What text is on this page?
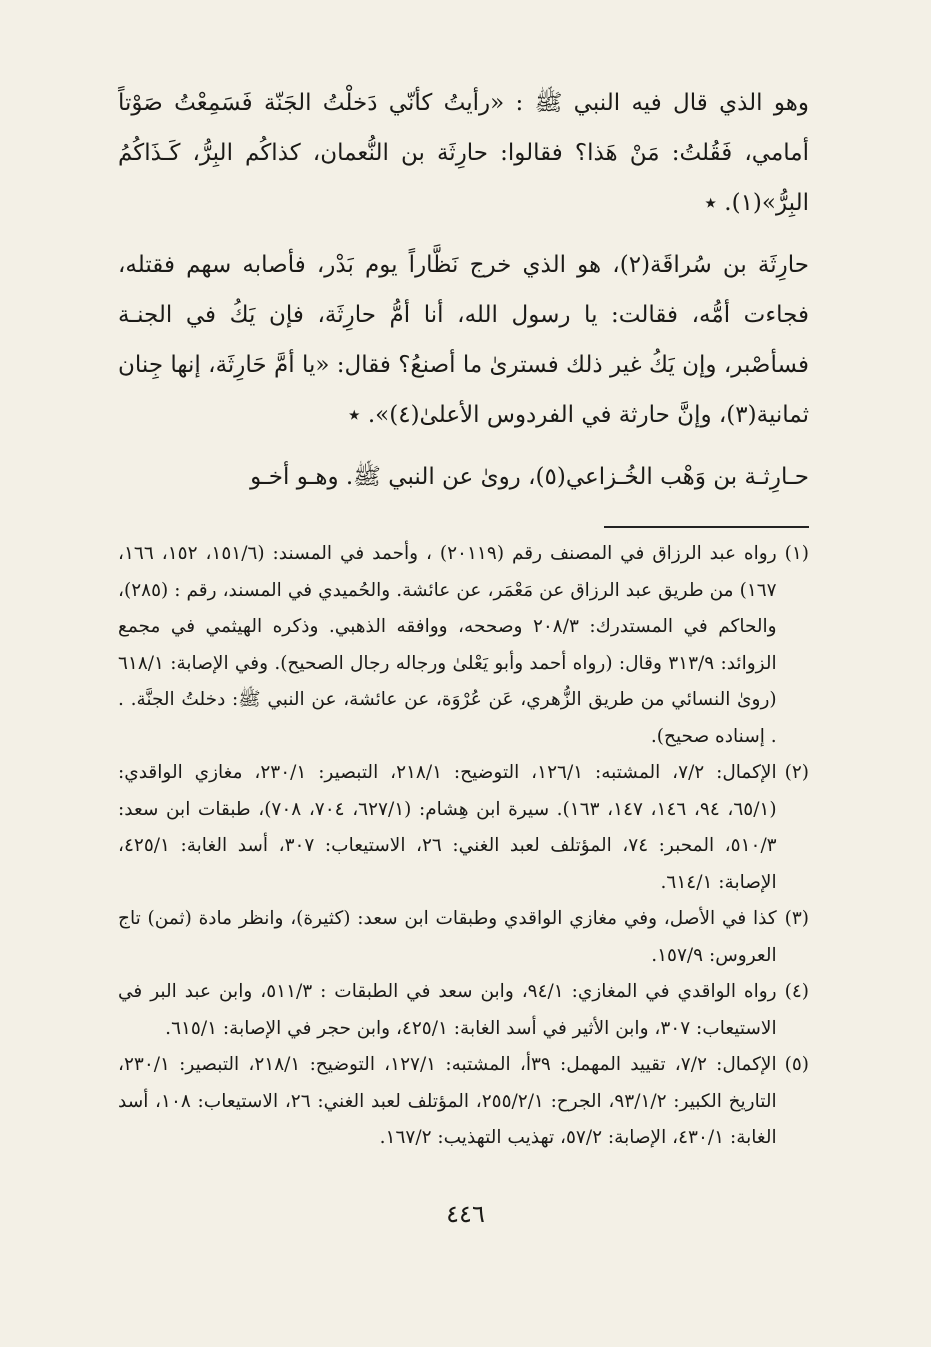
وهو الذي قال فيه النبي ﷺ : «رأيتُ كأنّي دَخلْتُ الجَنّة فَسَمِعْتُ صَوْتاً أمامي، فَقُلتُ: مَنْ هَذا؟ فقالوا: حارِثَة بن النُّعمان، كذاكُم البِرُّ، كَـذَاكُمُ البِرُّ»(١). ٭

حارِثَة بن سُراقَة(٢)، هو الذي خرج نَظَّاراً يوم بَدْر، فأصابه سهم فقتله، فجاءت أمُّه، فقالت: يا رسول الله، أنا أمُّ حارِثَة، فإن يَكُ في الجنـة فسأصْبر، وإن يَكُ غير ذلك فسترىٰ ما أصنعُ؟ فقال: «يا أمَّ حَارِثَة، إنها جِنان ثمانية(٣)، وإنَّ حارثة في الفردوس الأعلىٰ(٤)». ٭

حـارِثـة بن وَهْب الخُـزاعي(٥)، روىٰ عن النبي ﷺ. وهـو أخـو

(١)
رواه عبد الرزاق في المصنف رقم (٢٠١١٩) ، وأحمد في المسند: (١٥١/٦، ١٥٢، ١٦٦، ١٦٧) من طريق عبد الرزاق عن مَعْمَر، عن عائشة. والحُميدي في المسند، رقم : (٢٨٥)، والحاكم في المستدرك: ٢٠٨/٣ وصححه، ووافقه الذهبي. وذكره الهيثمي في مجمع الزوائد: ٣١٣/٩ وقال: (رواه أحمد وأبو يَعْلىٰ ورجاله رجال الصحيح). وفي الإصابة: ٦١٨/١ (روىٰ النسائي من طريق الزُّهري، عَن عُرْوَة، عن عائشة، عن النبي ﷺ: دخلتُ الجنَّة. . . إسناده صحيح).
(٢)
الإكمال: ٧/٢، المشتبه: ١٢٦/١، التوضيح: ٢١٨/١، التبصير: ٢٣٠/١، مغازي الواقدي: (٦٥/١، ٩٤، ١٤٦، ١٤٧، ١٦٣). سيرة ابن هِشام: (٦٢٧/١، ٧٠٤، ٧٠٨)، طبقات ابن سعد: ٥١٠/٣، المحبر: ٧٤، المؤتلف لعبد الغني: ٢٦، الاستيعاب: ٣٠٧، أسد الغابة: ٤٢٥/١، الإصابة: ٦١٤/١.
(٣)
كذا في الأصل، وفي مغازي الواقدي وطبقات ابن سعد: (كثيرة)، وانظر مادة (ثمن) تاج العروس: ١٥٧/٩.
(٤)
رواه الواقدي في المغازي: ٩٤/١، وابن سعد في الطبقات : ٥١١/٣، وابن عبد البر في الاستيعاب: ٣٠٧، وابن الأثير في أسد الغابة: ٤٢٥/١، وابن حجر في الإصابة: ٦١٥/١.
(٥)
الإكمال: ٧/٢، تقييد المهمل: ٣٩أ، المشتبه: ١٢٧/١، التوضيح: ٢١٨/١، التبصير: ٢٣٠/١، التاريخ الكبير: ٩٣/١/٢، الجرح: ٢٥٥/٢/١، المؤتلف لعبد الغني: ٢٦، الاستيعاب: ١٠٨، أسد الغابة: ٤٣٠/١، الإصابة: ٥٧/٢، تهذيب التهذيب: ١٦٧/٢.
٤٤٦
